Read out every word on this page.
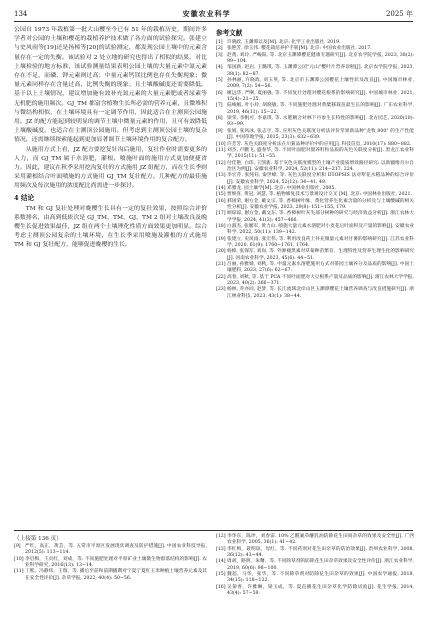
134	安徽农业科学	2025 年

公园自 1973 年栽植第一批大山樱至今已有 51 年的栽植历史，期间许多学者对公园的土壤和樱花的栽植养护技术做了各方面的试验探究。张建立与史风雨等[19]还是扬樟等[20]的试验测定，都发现公园土壤中的元素含量存在一定的失衡。该试验对 2 处立地的研究也得出了相似的结果。对比土壤检验的地方标准，该试验测量结果表明公园土壤的大量元素中氮元素存在不足，而磷、钾元素则过高；中量元素钙镁比例也存在失衡现象；微量元素同样存在含量过高、比例失衡的现象；且土壤酸碱度还需要降低。基于以上土壤情况，建议增加施有效补充氮元素的大量元素肥或者尿素等无机肥的施用频次。GJ_TM 都富含植物生长所必需的营养元素，且微堆积与微结构相似，在土壤环境具有一定调节作用，因此适合在主测顶公园施用。JZ 的配方能起到较明显的调节土壤中微量元素的作用，且可有效降低土壤酸碱度，也适合在主测顶公园施用。但考虑到主测顶公园土壤的复杂情况，还需继续探索能起到更加显著调节土壤环境作用的复合配方。

从施用方式上看，JZ 配方要挖复针沟后施用，复壮作业时需要更多的人力，而 GJ_TM 属于水溶肥，灌根、喷施叶面的施用方式更加便捷省力。因此，建议在秋季采用挖沟复壮的方式施用 JZ 组配方，而在生长季则采用灌根结合叶面喷施的方式施用 GJ_TM 复壮配方。几种配方的最佳施用频次及每次施用的浓度配比尚需进一步探讨。

4 结论

TM 和 GJ 复壮处理对晚樱生长具有一定的复壮效果，按照综合评价系数排名，由高到低依次是 GJ_TM、TM、GJ、TM 2 组对土壤改良及晚樱生长促进效果最佳，JZ 组在两个土壤理化性质方面效果更加明显。综合考虑主测顶公园复杂的土壤环境，在生长季采用喷施及灌根的方式施用 TM 和 GJ 复壮配方，能够促进晚樱的生长。

参考文献
[1] 许晓政. 玉渊潭以及[M]. 北京: 化学工业出版社, 2019.
[2] 张艳芳, 徐玉伟. 樱花栽培养护手册[M]. 北京: 中国农业出版社, 2017.
[3] 赵黄, 刘玲, 严峻阳, 等. 北京玉渊潭樱花健康专题研究[J]. 北京农学院学报, 2023, 38(2): 99−104.
[4] 邹国新, 赵岩, 王璐琪, 等. 玉渊潭公园"元山"樱叶片营养诊断[J]. 北京农学院学报, 2023, 38(1): 82−87.
[5] 孙林丽, 许晓政, 刘玉英, 等. 北京市玉渊潭公园樱花土壤性状及改良[J]. 中国城市林业, 2009, 7(2): 54−56.
[6] 姬远华, 严啊, 夏丽强, 等. 不同复壮处理对樱花根系的影响研究[J]. 中国城市林业, 2021, 15(4): 21−25.
[7] 陆峻岷, 叶小玲, 胡晓敏, 等. 不同施肥处理对黄檗移栽苗最生长的影响[J]. 广东农业科学, 2019, 46(11): 15−22.
[8] 梁荣, 李帆可, 李嘉琪, 等. 水肥耦合对林下丹参生长特性的影响[J]. 北方园艺, 2020(10): 93−99.
[9] 张娟, 张风冰, 张志宇, 等. 应用灰色关联度分析法评价苹果新品种"龙牧 800" 的生产性能[J]. 中国草地学报, 2015, 23(3): 632−639.
[10] 许芳芳. 灰色关联度分析法在川菊品种评价中的应用[J]. 科技信息, 2010(17): 880−882.
[11] 刘杰, 卢鹏飞, 盛春华, 等. 不同叶面肥对甜养籽粒品质的灰色关联度分析[J]. 黑龙江农业科学, 2015(11): 51−55.
[12] 付佳艳, 白玮, 王凯新. 基于灰色关联度模型的土壤产业提质增效路径研究: 以新疆维吾尔自治区为例[J]. 安徽农业科学, 2024, 52(11): 214−217, 224.
[13] 李宏芹, 张纯钰, 秦世峰, 等. 灰色关联度分析和 DTOPSIS 法对犁花水稻品种的综合评价[J]. 安徽农业科学, 2024, 52(12): 34−41, 49.
[14] 邓雅龙. 园土壤学[M]. 北京: 中国林业出版社, 2005.
[15] 贾焕喜, 黄冠, 刘慧, 等. 植物修复技术与景观设计交叉 [M]. 北京: 中国林业出版社, 2021.
[16] 郝国荣, 谢方金, 戴文宗, 等. 香樟树叶缘、黄化营养生化素含量的分析及与土壤酸碱的相关性分析[J]. 安徽农业学报, 2023, 29(8): 151−155, 179.
[17] 顾琼琼, 谢方金, 戴文东, 等. 香樟树叶灰失部分树种的研究与经济效益分析[J]. 浙江农林大学学报, 2024, 41(3): 457−466.
[18] 白淑杰, 张媚军, 黄力山. 喷施大量元素水溶肥对小麦花后叶面积及产量的影响[J]. 安徽农业科学, 2022, 50(11): 139−142.
[19] 张建立, 史风雨, 张宏伟, 等. 利用改良药土补充微量元素对甘薯的影响研究[J]. 江苏农业科学, 2020, 61(9): 1760−1761, 1764.
[20] 杨樟, 张保军, 刘岗, 等. 外源褪黑素对草菊种苗繁育、生理特性及营养生理生化的影响研究[J]. 河南农业科学, 2023, 45(6): 44−51.
[21] 吕丽, 孙雅婧, 刘秋, 等. 中量元素水溶肥施用方式对茶园土壤养分及品质的影响[J]. 中国土壤肥料, 2023, 27(6): 62−67.
[22] 高春, 刘秋, 等. 基于 PCA 不同叶面肥对大豆根系产量及品质的影响[J]. 浙江农林大学学报, 2023, 40(2): 366−371.
[23] 杨林, 乔亦同, 赵梦, 等. 长江流域北岸山区玉渊潭樱花土壤营养调查与改良措施研究[J]. 浙江林业科技, 2023, 43(1): 38−44.
（上接第 136 页）
[9] 严红，高正，黄芸，等. 五常市平原区发展现状调查及防护措施[J]. 中国农业科技导报, 2012(5): 113−114.
[10] 李启梅，王贞红，刘成，等. 不同施肥处理对平原矿业土壤微生物群落结构的影响[J]. 农业科学研究, 2016(13): 13−14.
[11] 丁熙，冯静炜，王瑞，等. 播后至前和前期播期对宁夏宁夏红玉米种植土壤营养元素及其在安全性评价[J]. 杂草学报, 2022, 40(4): 50−56.
[12] 李华东，陈坪，刘春雷. 10% 乙酰氟草醚乳油防除花生田间杂草的效果及安全性[J]. 广西农业科学, 2005, 36(1): 41−42.
[13] 李红梅，聂明琼，母红，等. 不同药剂对花生田杂草的防治效果[J]. 贵州农业科学, 2008, 36(12): 43−44.
[14] 周胡，路明，朱曙，等. 不同除草剂的防除花生田杂草效果及安全性评价[J]. 浙江农业科学, 2019, 60(6): 98−100.
[15] 魏超，马华，张华，等. 不同除草剂对防除花生田杂草的效果[J]. 中国农学通报, 2018, 34(15): 118−122.
[16] 吴菊香，许雅琳，梁玉成，等. 夏直播花生田杂草化学防除试验[J]. 花生学报, 2014, 43(4): 57−59.
